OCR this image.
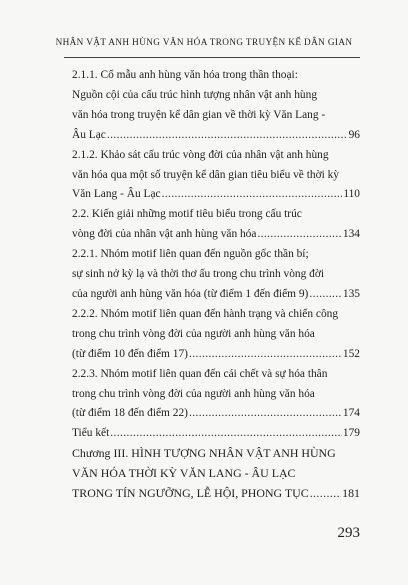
NHÂN VẬT ANH HÙNG VĂN HÓA TRONG TRUYỆN KỂ DÂN GIAN
2.1.1. Cổ mẫu anh hùng văn hóa trong thần thoại:
Nguồn cội của cấu trúc hình tượng nhân vật anh hùng
văn hóa trong truyện kể dân gian về thời kỳ Văn Lang -
Âu Lạc .....	96
2.1.2. Khảo sát cấu trúc vòng đời của nhân vật anh hùng
văn hóa qua một số truyện kể dân gian tiêu biểu về thời kỳ
Văn Lang - Âu Lạc .....	110
2.2. Kiến giải những motif tiêu biểu trong cấu trúc
vòng đời của nhân vật anh hùng văn hóa .....	134
2.2.1. Nhóm motif liên quan đến nguồn gốc thần bí;
sự sinh nở kỳ lạ và thời thơ ấu trong chu trình vòng đời
của người anh hùng văn hóa (từ điểm 1 đến điểm 9) .....	135
2.2.2. Nhóm motif liên quan đến hành trạng và chiến công
trong chu trình vòng đời của người anh hùng văn hóa
(từ điểm 10 đến điểm 17) .....	152
2.2.3. Nhóm motif liên quan đến cái chết và sự hóa thân
trong chu trình vòng đời của người anh hùng văn hóa
(từ điểm 18 đến điểm 22) .....	174
Tiểu kết .....	179
Chương III. HÌNH TƯỢNG NHÂN VẬT ANH HÙNG
VĂN HÓA THỜI KỲ VĂN LANG - ÂU LẠC
TRONG TÍN NGƯỠNG, LỄ HỘI, PHONG TỤC .....	181
293
